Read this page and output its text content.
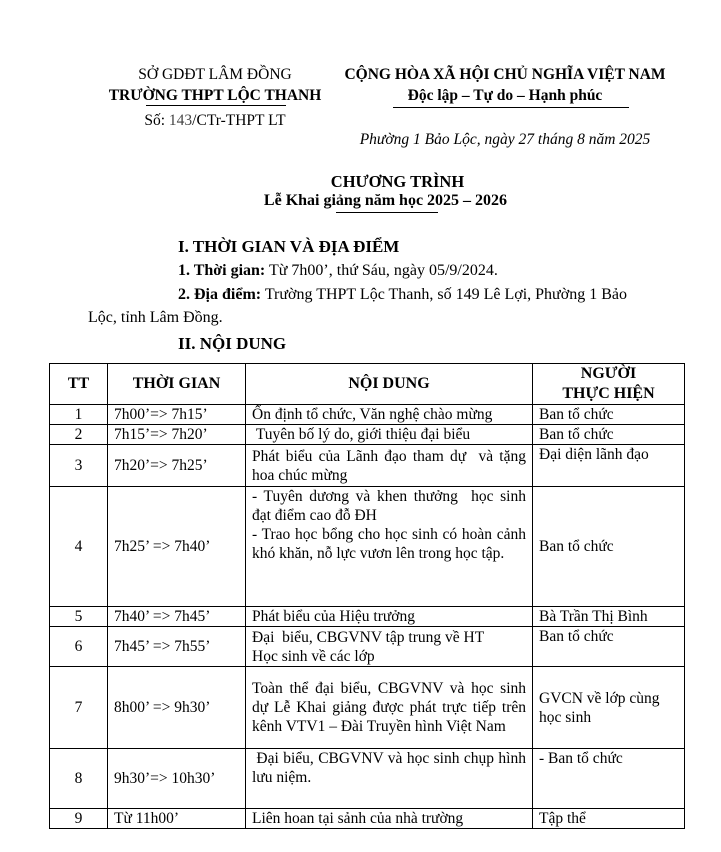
SỞ GDĐT LÂM ĐỒNG
TRƯỜNG THPT LỘC THANH
Số: 143/CTr-THPT LT
CỘNG HÒA XÃ HỘI CHỦ NGHĨA VIỆT NAM
Độc lập – Tự do – Hạnh phúc
Phường 1 Bảo Lộc, ngày 27 tháng 8 năm 2025
CHƯƠNG TRÌNH
Lễ Khai giảng năm học 2025 – 2026
I. THỜI GIAN VÀ ĐỊA ĐIỂM
1. Thời gian: Từ 7h00’, thứ Sáu, ngày 05/9/2024.
2. Địa điểm: Trường THPT Lộc Thanh, số 149 Lê Lợi, Phường 1 Bảo
Lộc, tỉnh Lâm Đồng.
II. NỘI DUNG
TT	THỜI GIAN	NỘI DUNG	NGƯỜI
THỰC HIỆN

1	7h00’=> 7h15’	Ổn định tổ chức, Văn nghệ chào mừng	Ban tổ chức

2	7h15’=> 7h20’	Tuyên bố lý do, giới thiệu đại biểu	Ban tổ chức

3	7h20’=> 7h25’	Phát biểu của Lãnh đạo tham dự  và tặng hoa chúc mừng	Đại diện lãnh đạo

4	7h25’ => 7h40’	- Tuyên dương và khen thưởng  học sinh đạt điểm cao đỗ ĐH
- Trao học bổng cho học sinh có hoàn cảnh khó khăn, nỗ lực vươn lên trong học tập.	Ban tổ chức

5	7h40’ => 7h45’	Phát biểu của Hiệu trưởng	Bà Trần Thị Bình

6	7h45’ => 7h55’	Đại  biểu, CBGVNV tập trung về HT
Học sinh về các lớp	Ban tổ chức

7	8h00’ => 9h30’	Toàn thể đại biểu, CBGVNV và học sinh dự Lễ Khai giảng được phát trực tiếp trên kênh VTV1 – Đài Truyền hình Việt Nam	GVCN về lớp cùng học sinh

8	9h30’=> 10h30’	Đại biểu, CBGVNV và học sinh chụp hình lưu niệm.	- Ban tổ chức

9	Từ 11h00’	Liên hoan tại sảnh của nhà trường	Tập thể
